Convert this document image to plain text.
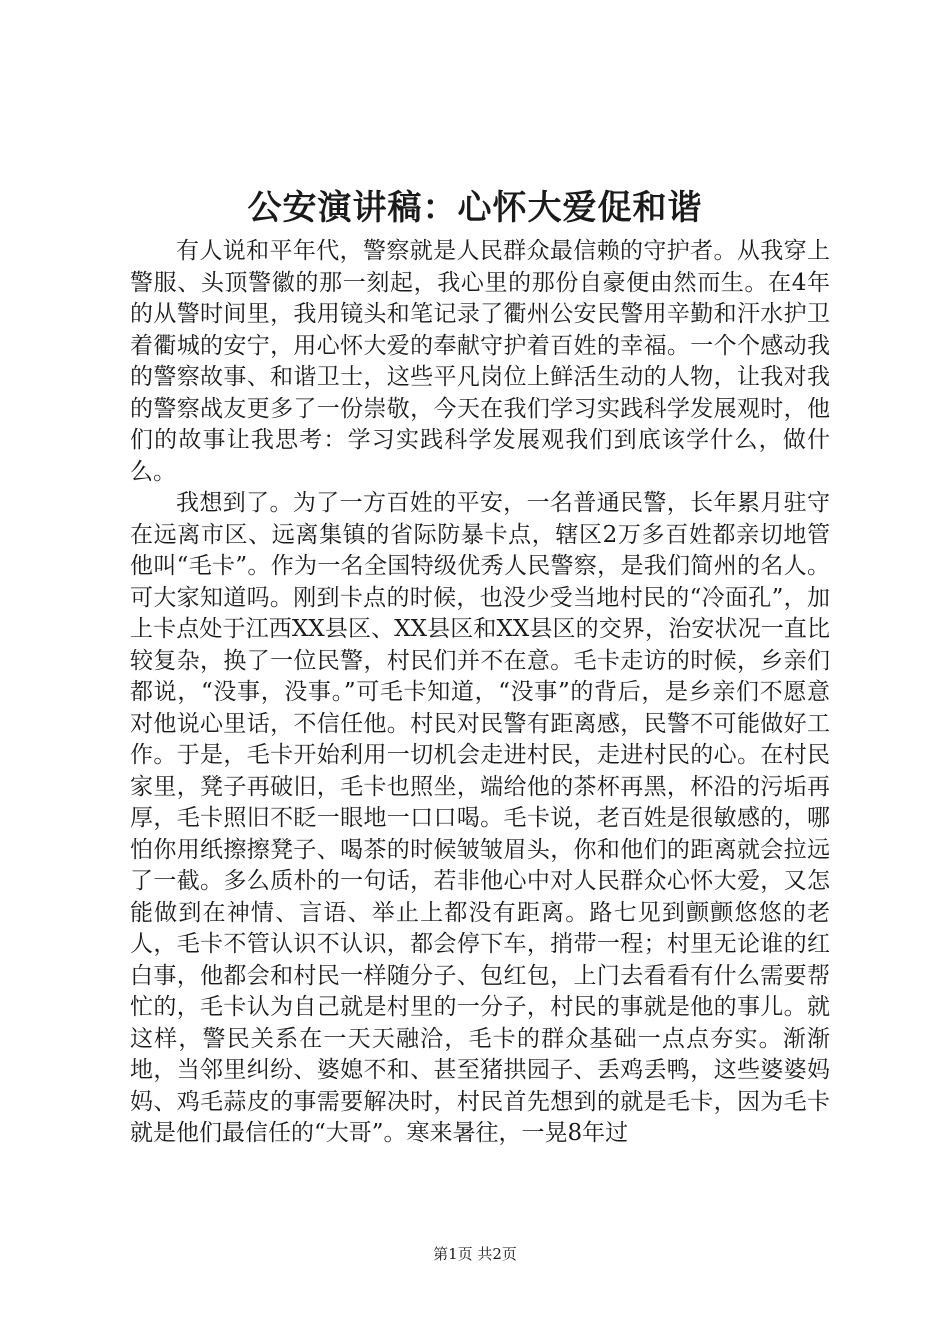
公安演讲稿：心怀大爱促和谐

有人说和平年代，警察就是人民群众最信赖的守护者。从我穿上警服、头顶警徽的那一刻起，我心里的那份自豪便由然而生。在4年的从警时间里，我用镜头和笔记录了衢州公安民警用辛勤和汗水护卫着衢城的安宁，用心怀大爱的奉献守护着百姓的幸福。一个个感动我的警察故事、和谐卫士，这些平凡岗位上鲜活生动的人物，让我对我的警察战友更多了一份崇敬，今天在我们学习实践科学发展观时，他们的故事让我思考：学习实践科学发展观我们到底该学什么，做什么。

我想到了。为了一方百姓的平安，一名普通民警，长年累月驻守在远离市区、远离集镇的省际防暴卡点，辖区2万多百姓都亲切地管他叫“毛卡”。作为一名全国特级优秀人民警察，是我们简州的名人。可大家知道吗。刚到卡点的时候，也没少受当地村民的“冷面孔”，加上卡点处于江西XX县区、XX县区和XX县区的交界，治安状况一直比较复杂，换了一位民警，村民们并不在意。毛卡走访的时候，乡亲们都说，“没事，没事。”可毛卡知道，“没事”的背后，是乡亲们不愿意对他说心里话，不信任他。村民对民警有距离感，民警不可能做好工作。于是，毛卡开始利用一切机会走进村民，走进村民的心。在村民家里，凳子再破旧，毛卡也照坐，端给他的茶杯再黑，杯沿的污垢再厚，毛卡照旧不眨一眼地一口口喝。毛卡说，老百姓是很敏感的，哪怕你用纸擦擦凳子、喝茶的时候皱皱眉头，你和他们的距离就会拉远了一截。多么质朴的一句话，若非他心中对人民群众心怀大爱，又怎能做到在神情、言语、举止上都没有距离。路七见到颤颤悠悠的老人，毛卡不管认识不认识，都会停下车，捎带一程；村里无论谁的红白事，他都会和村民一样随分子、包红包，上门去看看有什么需要帮忙的，毛卡认为自己就是村里的一分子，村民的事就是他的事儿。就这样，警民关系在一天天融洽，毛卡的群众基础一点点夯实。渐渐地，当邻里纠纷、婆媳不和、甚至猪拱园子、丢鸡丢鸭，这些婆婆妈妈、鸡毛蒜皮的事需要解决时，村民首先想到的就是毛卡，因为毛卡就是他们最信任的“大哥”。寒来暑往，一晃8年过

第1页 共2页
